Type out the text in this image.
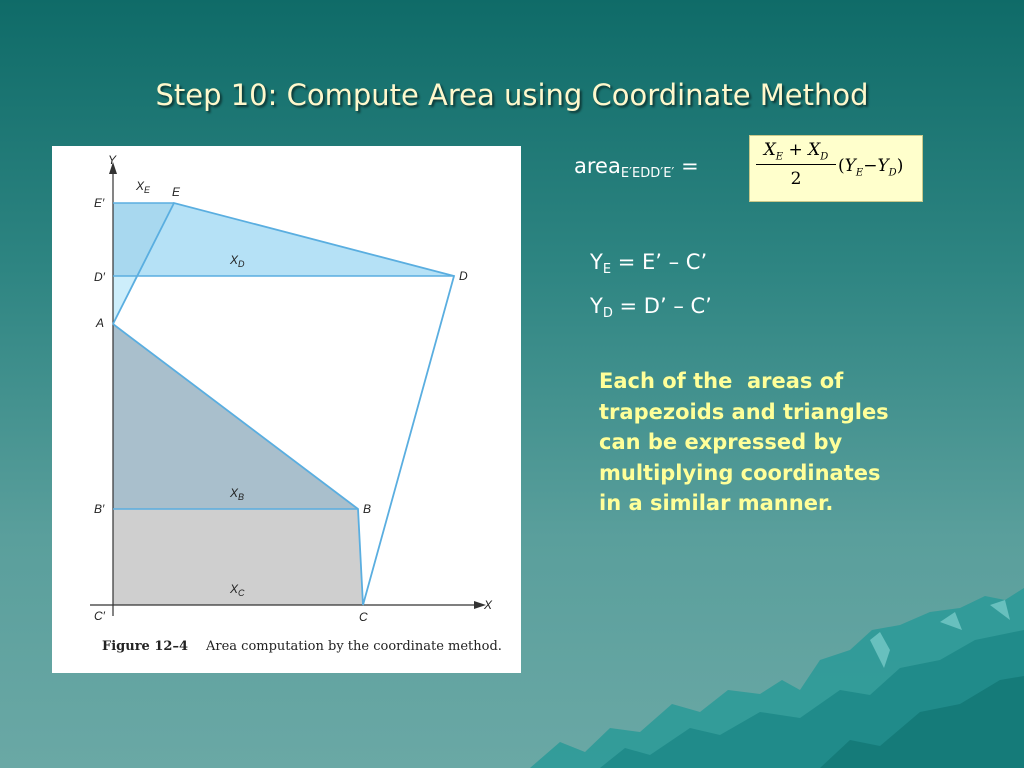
Step 10: Compute Area using Coordinate Method
Y
X
E′
D′
A
B′
C′
E
D
B
C
$X_E$
$X_D$
$X_B$
$X_C$
Figure 12–4 Area computation by the coordinate method.
area$_{E'EDD'E'}$ =	$\frac{X_E + X_D}{2} (Y_E-Y_D)$
$Y_E = E$’ – C’
$Y_D = D$’ – C’
Each of the  areas of
trapezoids and triangles
can be expressed by
multiplying coordinates
in a similar manner.
